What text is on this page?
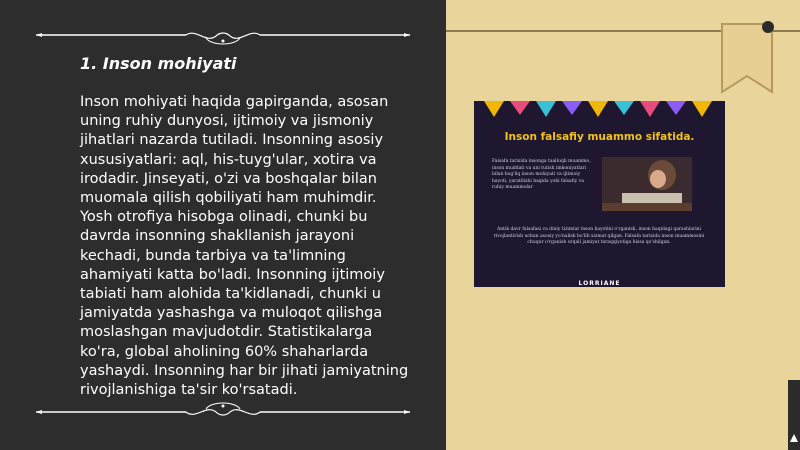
1. Inson mohiyati
Inson mohiyati haqida gapirganda, asosan
uning ruhiy dunyosi, ijtimoiy va jismoniy
jihatlari nazarda tutiladi. Insonning asosiy
xususiyatlari: aql, his-tuyg'ular, xotira va
irodadir. Jinseyati, o'zi va boshqalar bilan
muomala qilish qobiliyati ham muhimdir.
Yosh otrofiya hisobga olinadi, chunki bu
davrda insonning shakllanish jarayoni
kechadi, bunda tarbiya va ta'limning
ahamiyati katta bo'ladi. Insonning ijtimoiy
tabiati ham alohida ta'kidlanadi, chunki u
jamiyatda yashashga va muloqot qilishga
moslashgan mavjudotdir. Statistikalarga
ko'ra, global aholining 60% shaharlarda
yashaydi. Insonning har bir jihati jamiyatning
rivojlanishiga ta'sir ko'rsatadi.
Inson falsafiy muammo sifatida.
Falsafa tarixida insonga taalluqli muammo, inson muddati va uni tutish imkoniyatlari bilan bog'liq inson mohiyati va ijtimoiy hayoti, yaratilishi haqida yoki falsafiy va ruhiy muammolar
Antik davr falsafasi va diniy tizimlar inson hayotini o'rganish, inson haqidagi qarashlarini rivojlantirish uchun asosiy yo'nalish bo'lib xizmat qilgan. Falsafa tarixida inson muammosini chuqur o'rganish orqali jamiyat taraqqiyotiga hissa qo'shilgan.
LORRIANE
